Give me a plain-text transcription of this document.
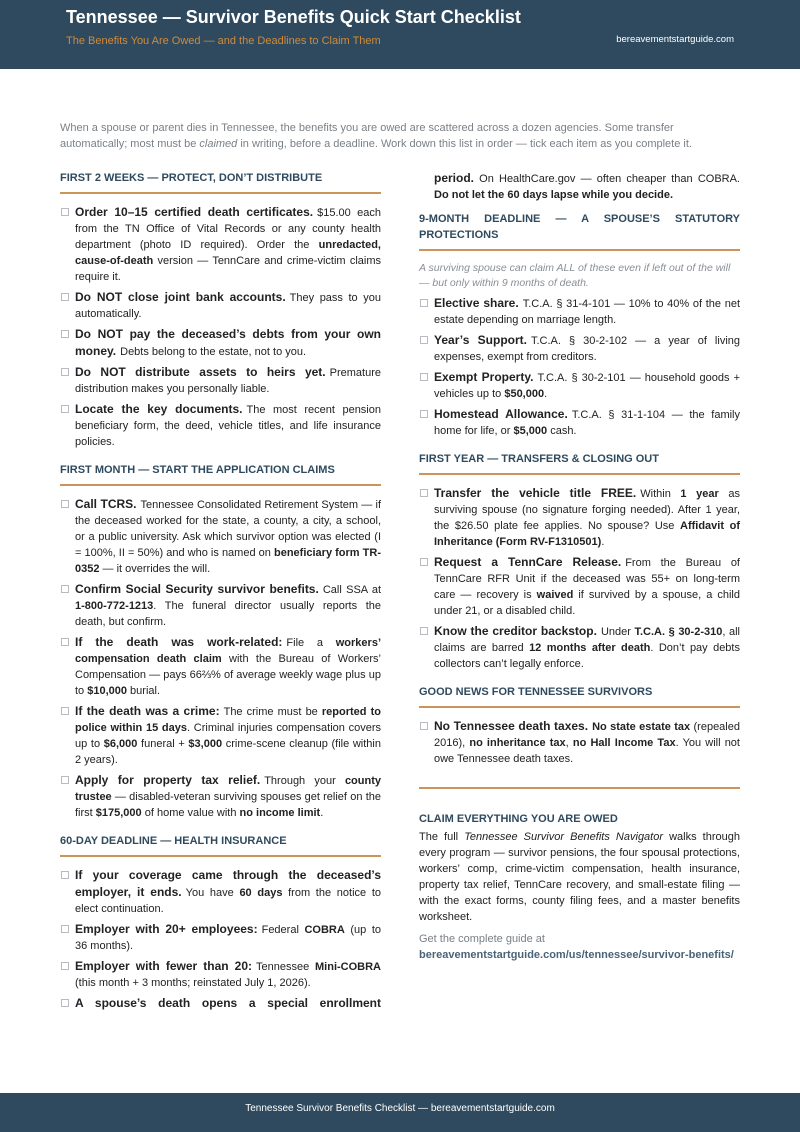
Tennessee — Survivor Benefits Quick Start Checklist
The Benefits You Are Owed — and the Deadlines to Claim Them	bereavementstartguide.com
When a spouse or parent dies in Tennessee, the benefits you are owed are scattered across a dozen agencies. Some transfer automatically; most must be claimed in writing, before a deadline. Work down this list in order — tick each item as you complete it.
FIRST 2 WEEKS — PROTECT, DON’T DISTRIBUTE
Order 10–15 certified death certificates. $15.00 each from the TN Office of Vital Records or any county health department (photo ID required). Order the unredacted, cause-of-death version — TennCare and crime-victim claims require it.
Do NOT close joint bank accounts. They pass to you automatically.
Do NOT pay the deceased’s debts from your own money. Debts belong to the estate, not to you.
Do NOT distribute assets to heirs yet. Premature distribution makes you personally liable.
Locate the key documents. The most recent pension beneficiary form, the deed, vehicle titles, and life insurance policies.
FIRST MONTH — START THE APPLICATION CLAIMS
Call TCRS. Tennessee Consolidated Retirement System — if the deceased worked for the state, a county, a city, a school, or a public university. Ask which survivor option was elected (I = 100%, II = 50%) and who is named on beneficiary form TR-0352 — it overrides the will.
Confirm Social Security survivor benefits. Call SSA at 1-800-772-1213. The funeral director usually reports the death, but confirm.
If the death was work-related: File a workers’ compensation death claim with the Bureau of Workers’ Compensation — pays 66⅔% of average weekly wage plus up to $10,000 burial.
If the death was a crime: The crime must be reported to police within 15 days. Criminal injuries compensation covers up to $6,000 funeral + $3,000 crime-scene cleanup (file within 2 years).
Apply for property tax relief. Through your county trustee — disabled-veteran surviving spouses get relief on the first $175,000 of home value with no income limit.
60-DAY DEADLINE — HEALTH INSURANCE
If your coverage came through the deceased’s employer, it ends. You have 60 days from the notice to elect continuation.
Employer with 20+ employees: Federal COBRA (up to 36 months).
Employer with fewer than 20: Tennessee Mini-COBRA (this month + 3 months; reinstated July 1, 2026).
A spouse’s death opens a special enrollment
period. On HealthCare.gov — often cheaper than COBRA. Do not let the 60 days lapse while you decide.
9-MONTH DEADLINE — A SPOUSE’S STATUTORY PROTECTIONS
A surviving spouse can claim ALL of these even if left out of the will — but only within 9 months of death.
Elective share. T.C.A. § 31-4-101 — 10% to 40% of the net estate depending on marriage length.
Year’s Support. T.C.A. § 30-2-102 — a year of living expenses, exempt from creditors.
Exempt Property. T.C.A. § 30-2-101 — household goods + vehicles up to $50,000.
Homestead Allowance. T.C.A. § 31-1-104 — the family home for life, or $5,000 cash.
FIRST YEAR — TRANSFERS & CLOSING OUT
Transfer the vehicle title FREE. Within 1 year as surviving spouse (no signature forging needed). After 1 year, the $26.50 plate fee applies. No spouse? Use Affidavit of Inheritance (Form RV-F1310501).
Request a TennCare Release. From the Bureau of TennCare RFR Unit if the deceased was 55+ on long-term care — recovery is waived if survived by a spouse, a child under 21, or a disabled child.
Know the creditor backstop. Under T.C.A. § 30-2-310, all claims are barred 12 months after death. Don’t pay debts collectors can’t legally enforce.
GOOD NEWS FOR TENNESSEE SURVIVORS
No Tennessee death taxes. No state estate tax (repealed 2016), no inheritance tax, no Hall Income Tax. You will not owe Tennessee death taxes.
CLAIM EVERYTHING YOU ARE OWED
The full Tennessee Survivor Benefits Navigator walks through every program — survivor pensions, the four spousal protections, workers’ comp, crime-victim compensation, health insurance, property tax relief, TennCare recovery, and small-estate filing — with the exact forms, county filing fees, and a master benefits worksheet.
Get the complete guide at
bereavementstartguide.com/us/tennessee/survivor-benefits/
Tennessee Survivor Benefits Checklist — bereavementstartguide.com
